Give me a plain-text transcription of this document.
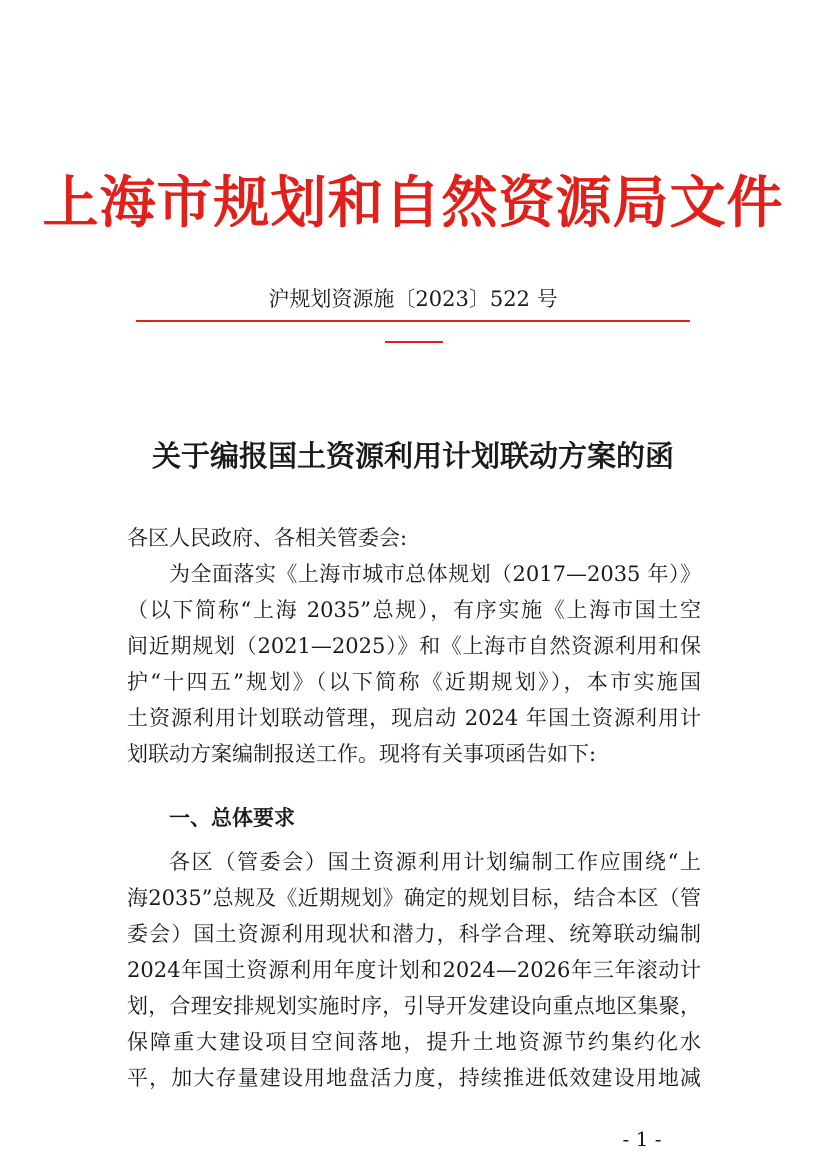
上海市规划和自然资源局文件
沪规划资源施〔2023〕522 号
关于编报国土资源利用计划联动方案的函
各区人民政府、各相关管委会:
为全面落实《上海市城市总体规划（2017—2035 年）》
（以下简称“上海 2035”总规），有序实施《上海市国土空
间近期规划（2021—2025）》和《上海市自然资源利用和保
护“十四五”规划》（以下简称《近期规划》），本市实施国
土资源利用计划联动管理，现启动 2024 年国土资源利用计
划联动方案编制报送工作。现将有关事项函告如下:
一、总体要求
各区（管委会）国土资源利用计划编制工作应围绕“上
海2035”总规及《近期规划》确定的规划目标，结合本区（管
委会）国土资源利用现状和潜力，科学合理、统筹联动编制
2024年国土资源利用年度计划和2024—2026年三年滚动计
划，合理安排规划实施时序，引导开发建设向重点地区集聚，
保障重大建设项目空间落地，提升土地资源节约集约化水
平，加大存量建设用地盘活力度，持续推进低效建设用地减
- 1 -
